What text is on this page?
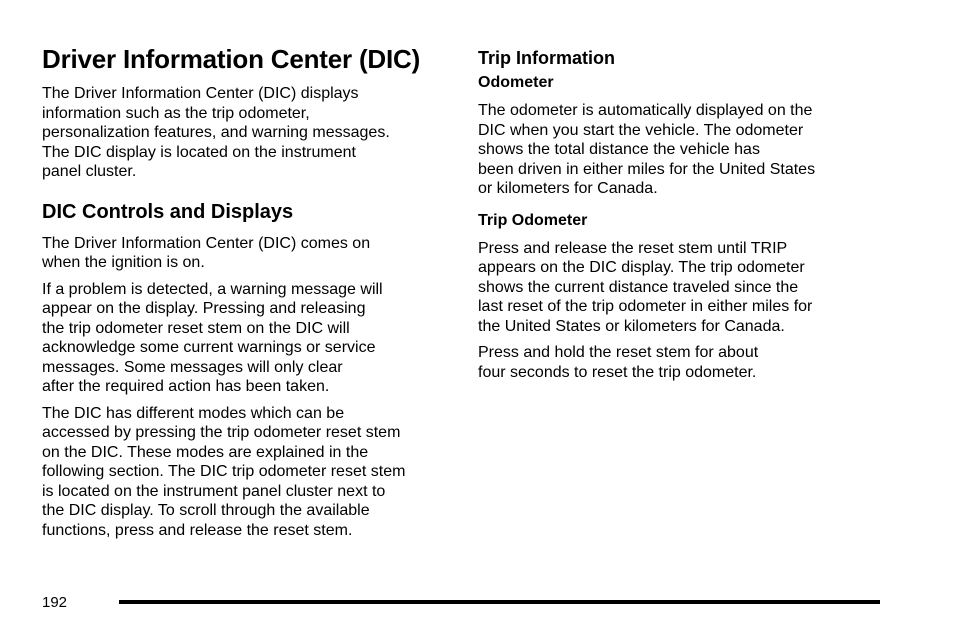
Driver Information Center (DIC)

The Driver Information Center (DIC) displays
information such as the trip odometer,
personalization features, and warning messages.
The DIC display is located on the instrument
panel cluster.

DIC Controls and Displays

The Driver Information Center (DIC) comes on
when the ignition is on.

If a problem is detected, a warning message will
appear on the display. Pressing and releasing
the trip odometer reset stem on the DIC will
acknowledge some current warnings or service
messages. Some messages will only clear
after the required action has been taken.

The DIC has different modes which can be
accessed by pressing the trip odometer reset stem
on the DIC. These modes are explained in the
following section. The DIC trip odometer reset stem
is located on the instrument panel cluster next to
the DIC display. To scroll through the available
functions, press and release the reset stem.

Trip Information
Odometer

The odometer is automatically displayed on the
DIC when you start the vehicle. The odometer
shows the total distance the vehicle has
been driven in either miles for the United States
or kilometers for Canada.

Trip Odometer

Press and release the reset stem until TRIP
appears on the DIC display. The trip odometer
shows the current distance traveled since the
last reset of the trip odometer in either miles for
the United States or kilometers for Canada.

Press and hold the reset stem for about
four seconds to reset the trip odometer.

192
